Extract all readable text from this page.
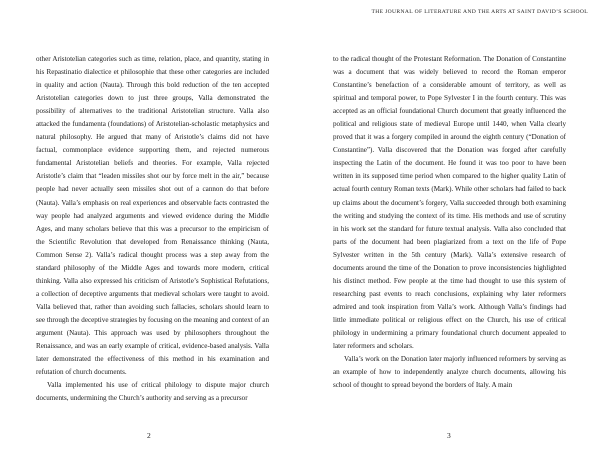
THE JOURNAL OF LITERATURE AND THE ARTS AT SAINT DAVID’S SCHOOL

other Aristotelian categories such as time, relation, place, and quantity, stating in his Repastinatio dialectice et philosophie that these other categories are included in quality and action (Nauta). Through this bold reduction of the ten accepted Aristotelian categories down to just three groups, Valla demonstrated the possibility of alternatives to the traditional Aristotelian structure. Valla also attacked the fundamenta (foundations) of Aristotelian-scholastic metaphysics and natural philosophy. He argued that many of Aristotle’s claims did not have factual, commonplace evidence supporting them, and rejected numerous fundamental Aristotelian beliefs and theories. For example, Valla rejected Aristotle’s claim that “leaden missiles shot our by force melt in the air,” because people had never actually seen missiles shot out of a cannon do that before (Nauta). Valla’s emphasis on real experiences and observable facts contrasted the way people had analyzed arguments and viewed evidence during the Middle Ages, and many scholars believe that this was a precursor to the empiricism of the Scientific Revolution that developed from Renaissance thinking (Nauta, Common Sense 2). Valla’s radical thought process was a step away from the standard philosophy of the Middle Ages and towards more modern, critical thinking. Valla also expressed his criticism of Aristotle’s Sophistical Refutations, a collection of deceptive arguments that medieval scholars were taught to avoid. Valla believed that, rather than avoiding such fallacies, scholars should learn to see through the deceptive strategies by focusing on the meaning and context of an argument (Nauta). This approach was used by philosophers throughout the Renaissance, and was an early example of critical, evidence-based analysis. Valla later demonstrated the effectiveness of this method in his examination and refutation of church documents.

Valla implemented his use of critical philology to dispute major church documents, undermining the Church’s authority and serving as a precursor

2

to the radical thought of the Protestant Reformation. The Donation of Constantine was a document that was widely believed to record the Roman emperor Constantine’s benefaction of a considerable amount of territory, as well as spiritual and temporal power, to Pope Sylvester I in the fourth century. This was accepted as an official foundational Church document that greatly influenced the political and religious state of medieval Europe until 1440, when Valla clearly proved that it was a forgery compiled in around the eighth century (“Donation of Constantine”). Valla discovered that the Donation was forged after carefully inspecting the Latin of the document. He found it was too poor to have been written in its supposed time period when compared to the higher quality Latin of actual fourth century Roman texts (Mark). While other scholars had failed to back up claims about the document’s forgery, Valla succeeded through both examining the writing and studying the context of its time. His methods and use of scrutiny in his work set the standard for future textual analysis. Valla also concluded that parts of the document had been plagiarized from a text on the life of Pope Sylvester written in the 5th century (Mark). Valla’s extensive research of documents around the time of the Donation to prove inconsistencies highlighted his distinct method. Few people at the time had thought to use this system of researching past events to reach conclusions, explaining why later reformers admired and took inspiration from Valla’s work. Although Valla’s findings had little immediate political or religious effect on the Church, his use of critical philology in undermining a primary foundational church document appealed to later reformers and scholars.

Valla’s work on the Donation later majorly influenced reformers by serving as an example of how to independently analyze church documents, allowing his school of thought to spread beyond the borders of Italy. A main

3
